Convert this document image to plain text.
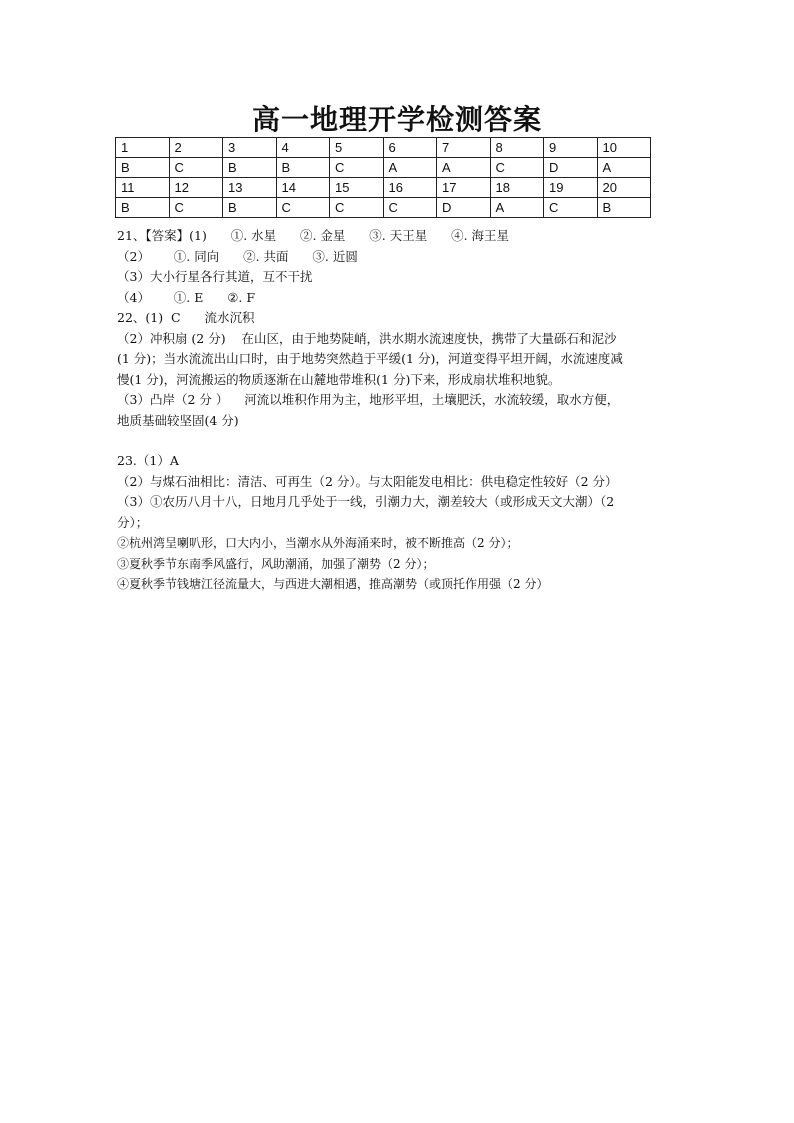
高一地理开学检测答案
1	2	3	4	5	6	7	8	9	10
B	C	B	B	C	A	A	C	D	A
11	12	13	14	15	16	17	18	19	20
B	C	B	C	C	C	D	A	C	B

21、【答案】(1)      ①. 水星      ②. 金星      ③. 天王星      ④. 海王星

（2）      ①. 同向      ②. 共面      ③. 近圆

（3）大小行星各行其道，互不干扰

（4）      ①. E      ②. F

22、(1)  C      流水沉积

（2）冲积扇 (2 分)    在山区，由于地势陡峭，洪水期水流速度快，携带了大量砾石和泥沙

(1 分)；当水流流出山口时，由于地势突然趋于平缓(1 分)，河道变得平坦开阔，水流速度减

慢(1 分)，河流搬运的物质逐渐在山麓地带堆积(1 分)下来，形成扇状堆积地貌。

（3）凸岸（2 分 ）    河流以堆积作用为主，地形平坦，土壤肥沃，水流较缓，取水方便，

地质基础较坚固(4 分)

23.（1）A

（2）与煤石油相比：清洁、可再生（2 分）。与太阳能发电相比：供电稳定性较好（2 分）

（3）①农历八月十八，日地月几乎处于一线，引潮力大，潮差较大（或形成天文大潮）（2

分）；

②杭州湾呈喇叭形，口大内小，当潮水从外海涌来时，被不断推高（2 分）；

③夏秋季节东南季风盛行，风助潮涌，加强了潮势（2 分）；

④夏秋季节钱塘江径流量大，与西进大潮相遇，推高潮势（或顶托作用强（2 分）
